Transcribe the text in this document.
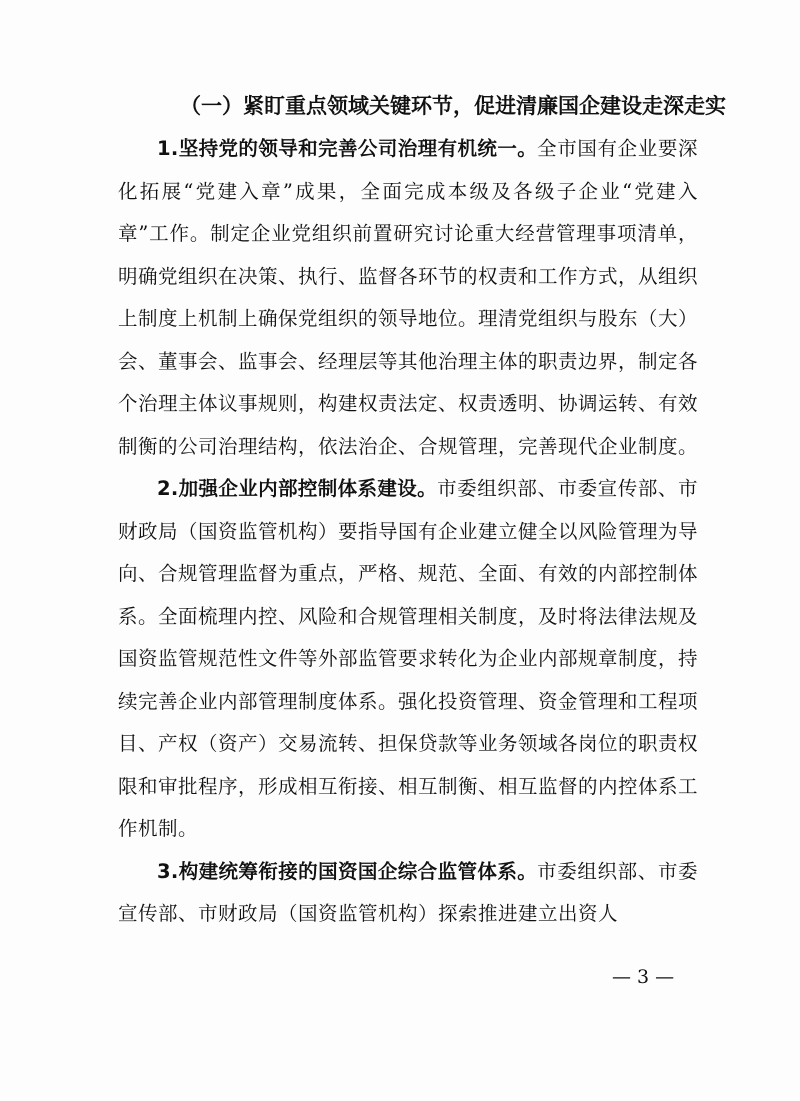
（一）紧盯重点领域关键环节，促进清廉国企建设走深走实

1.坚持党的领导和完善公司治理有机统一。全市国有企业要深化拓展“党建入章”成果，全面完成本级及各级子企业“党建入章”工作。制定企业党组织前置研究讨论重大经营管理事项清单，明确党组织在决策、执行、监督各环节的权责和工作方式，从组织上制度上机制上确保党组织的领导地位。理清党组织与股东（大）会、董事会、监事会、经理层等其他治理主体的职责边界，制定各个治理主体议事规则，构建权责法定、权责透明、协调运转、有效制衡的公司治理结构，依法治企、合规管理，完善现代企业制度。

2.加强企业内部控制体系建设。市委组织部、市委宣传部、市财政局（国资监管机构）要指导国有企业建立健全以风险管理为导向、合规管理监督为重点，严格、规范、全面、有效的内部控制体系。全面梳理内控、风险和合规管理相关制度，及时将法律法规及国资监管规范性文件等外部监管要求转化为企业内部规章制度，持续完善企业内部管理制度体系。强化投资管理、资金管理和工程项目、产权（资产）交易流转、担保贷款等业务领域各岗位的职责权限和审批程序，形成相互衔接、相互制衡、相互监督的内控体系工作机制。

3.构建统筹衔接的国资国企综合监管体系。市委组织部、市委宣传部、市财政局（国资监管机构）探索推进建立出资人

— 3 —
